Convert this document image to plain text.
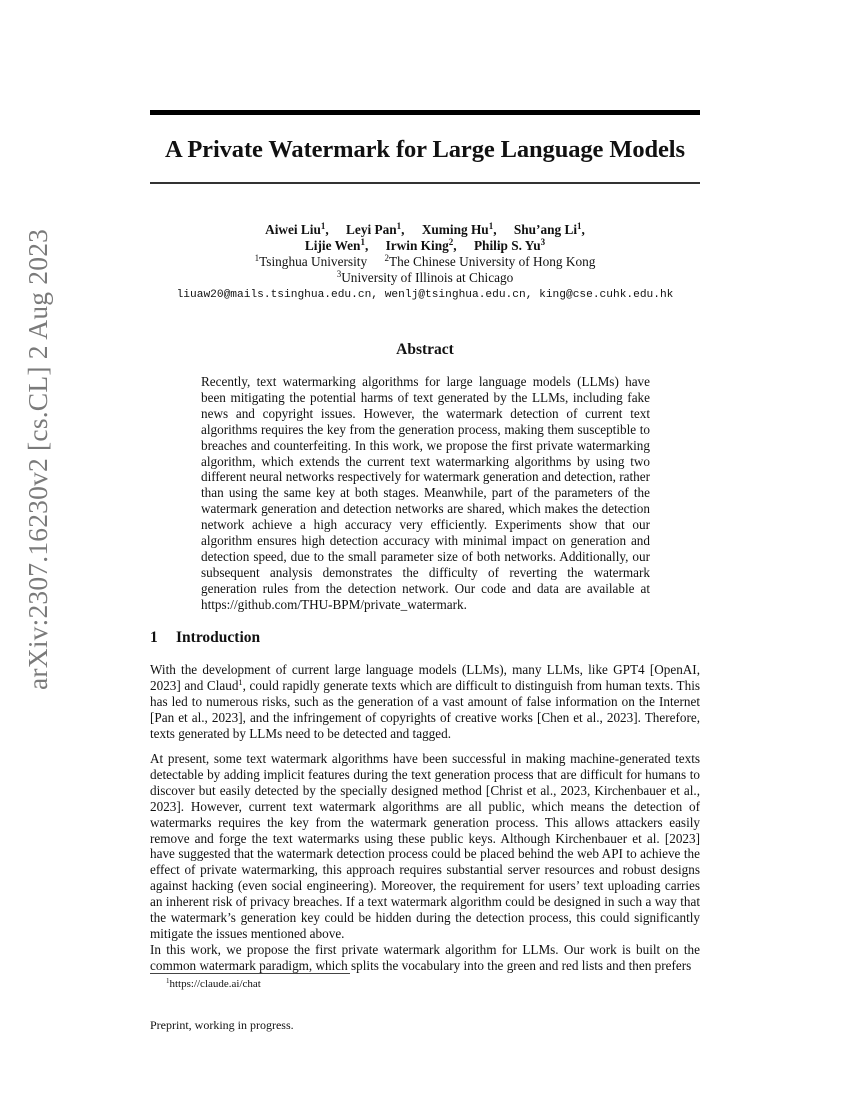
arXiv:2307.16230v2 [cs.CL] 2 Aug 2023
A Private Watermark for Large Language Models
Aiwei Liu$^1$, Leyi Pan$^1$, Xuming Hu$^1$, Shu’ang Li$^1$,
Lijie Wen$^1$, Irwin King$^2$, Philip S. Yu$^3$
$^1$Tsinghua University $^2$The Chinese University of Hong Kong
$^3$University of Illinois at Chicago
liuaw20@mails.tsinghua.edu.cn, wenlj@tsinghua.edu.cn, king@cse.cuhk.edu.hk
Abstract
Recently, text watermarking algorithms for large language models (LLMs) have been mitigating the potential harms of text generated by the LLMs, including fake news and copyright issues. However, the watermark detection of current text algorithms requires the key from the generation process, making them susceptible to breaches and counterfeiting. In this work, we propose the first private watermarking algorithm, which extends the current text watermarking algorithms by using two different neural networks respectively for watermark generation and detection, rather than using the same key at both stages. Meanwhile, part of the parameters of the watermark generation and detection networks are shared, which makes the detection network achieve a high accuracy very efficiently. Experiments show that our algorithm ensures high detection accuracy with minimal impact on generation and detection speed, due to the small parameter size of both networks. Additionally, our subsequent analysis demonstrates the difficulty of reverting the watermark generation rules from the detection network. Our code and data are available at https://github.com/THU-BPM/private_watermark.
1 Introduction
With the development of current large language models (LLMs), many LLMs, like GPT4 [OpenAI, 2023] and Claud$^1$, could rapidly generate texts which are difficult to distinguish from human texts. This has led to numerous risks, such as the generation of a vast amount of false information on the Internet [Pan et al., 2023], and the infringement of copyrights of creative works [Chen et al., 2023]. Therefore, texts generated by LLMs need to be detected and tagged.
At present, some text watermark algorithms have been successful in making machine-generated texts detectable by adding implicit features during the text generation process that are difficult for humans to discover but easily detected by the specially designed method [Christ et al., 2023, Kirchenbauer et al., 2023]. However, current text watermark algorithms are all public, which means the detection of watermarks requires the key from the watermark generation process. This allows attackers easily remove and forge the text watermarks using these public keys. Although Kirchenbauer et al. [2023] have suggested that the watermark detection process could be placed behind the web API to achieve the effect of private watermarking, this approach requires substantial server resources and robust designs against hacking (even social engineering). Moreover, the requirement for users’ text uploading carries an inherent risk of privacy breaches. If a text watermark algorithm could be designed in such a way that the watermark’s generation key could be hidden during the detection process, this could significantly mitigate the issues mentioned above.
In this work, we propose the first private watermark algorithm for LLMs. Our work is built on the common watermark paradigm, which splits the vocabulary into the green and red lists and then prefers
$^1$https://claude.ai/chat
Preprint, working in progress.
